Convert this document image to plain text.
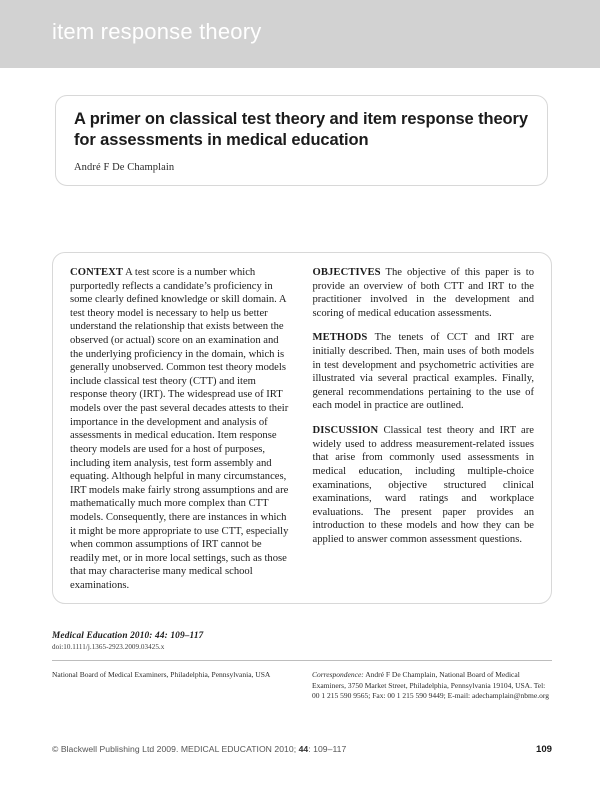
item response theory
A primer on classical test theory and item response theory for assessments in medical education
André F De Champlain

CONTEXT A test score is a number which purportedly reflects a candidate’s proficiency in some clearly defined knowledge or skill domain. A test theory model is necessary to help us better understand the relationship that exists between the observed (or actual) score on an examination and the underlying proficiency in the domain, which is generally unobserved. Common test theory models include classical test theory (CTT) and item response theory (IRT). The widespread use of IRT models over the past several decades attests to their importance in the development and analysis of assessments in medical education. Item response theory models are used for a host of purposes, including item analysis, test form assembly and equating. Although helpful in many circumstances, IRT models make fairly strong assumptions and are mathematically much more complex than CTT models. Consequently, there are instances in which it might be more appropriate to use CTT, especially when common assumptions of IRT cannot be readily met, or in more local settings, such as those that may characterise many medical school examinations.

OBJECTIVES The objective of this paper is to provide an overview of both CTT and IRT to the practitioner involved in the development and scoring of medical education assessments.

METHODS The tenets of CCT and IRT are initially described. Then, main uses of both models in test development and psychometric activities are illustrated via several practical examples. Finally, general recommendations pertaining to the use of each model in practice are outlined.

DISCUSSION Classical test theory and IRT are widely used to address measurement-related issues that arise from commonly used assessments in medical education, including multiple-choice examinations, objective structured clinical examinations, ward ratings and workplace evaluations. The present paper provides an introduction to these models and how they can be applied to answer common assessment questions.

Medical Education 2010: 44: 109–117
doi:10.1111/j.1365-2923.2009.03425.x

National Board of Medical Examiners, Philadelphia, Pennsylvania, USA	Correspondence: André F De Champlain, National Board of Medical Examiners, 3750 Market Street, Philadelphia, Pennsylvania 19104, USA. Tel: 00 1 215 590 9565; Fax: 00 1 215 590 9449; E-mail: adechamplain@nbme.org

© Blackwell Publishing Ltd 2009. MEDICAL EDUCATION 2010; 44: 109–117	109
